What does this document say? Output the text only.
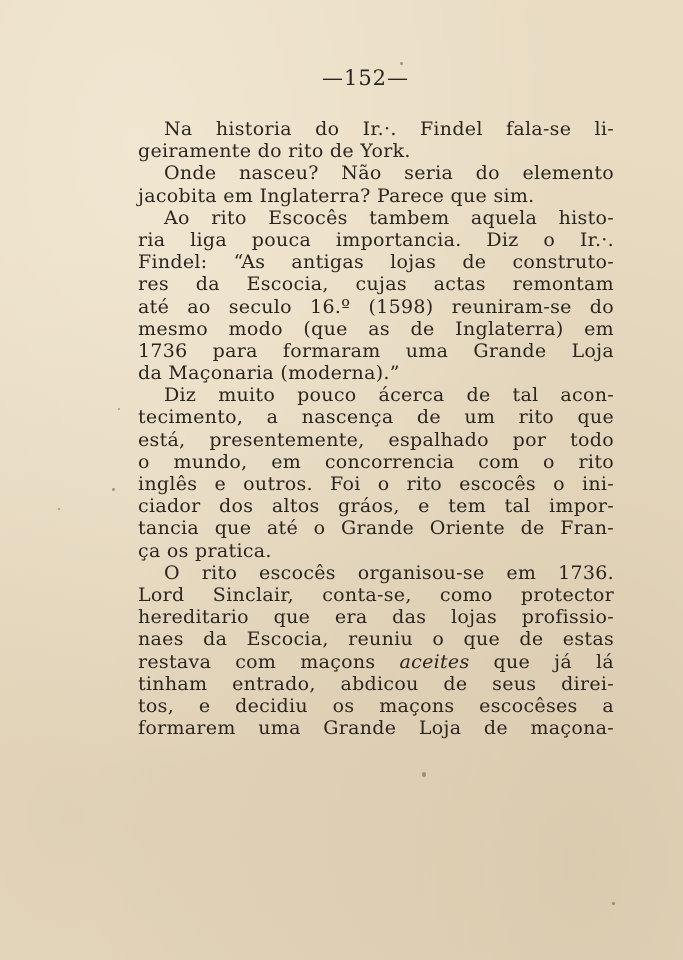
—152—
Na historia do Ir.·. Findel fala-se li-
geiramente do rito de York.
Onde nasceu? Não seria do elemento
jacobita em Inglaterra? Parece que sim.
Ao rito Escocês tambem aquela histo-
ria liga pouca importancia. Diz o Ir.·.
Findel: “As antigas lojas de construto-
res da Escocia, cujas actas remontam
até ao seculo 16.º (1598) reuniram-se do
mesmo modo (que as de Inglaterra) em
1736 para formaram uma Grande Loja
da Maçonaria (moderna).”
Diz muito pouco ácerca de tal acon-
tecimento, a nascença de um rito que
está, presentemente, espalhado por todo
o mundo, em concorrencia com o rito
inglês e outros. Foi o rito escocês o ini-
ciador dos altos gráos, e tem tal impor-
tancia que até o Grande Oriente de Fran-
ça os pratica.
O rito escocês organisou-se em 1736.
Lord Sinclair, conta-se, como protector
hereditario que era das lojas profissio-
naes da Escocia, reuniu o que de estas
restava com maçons aceites que já lá
tinham entrado, abdicou de seus direi-
tos, e decidiu os maçons escocêses a
formarem uma Grande Loja de maçona-
